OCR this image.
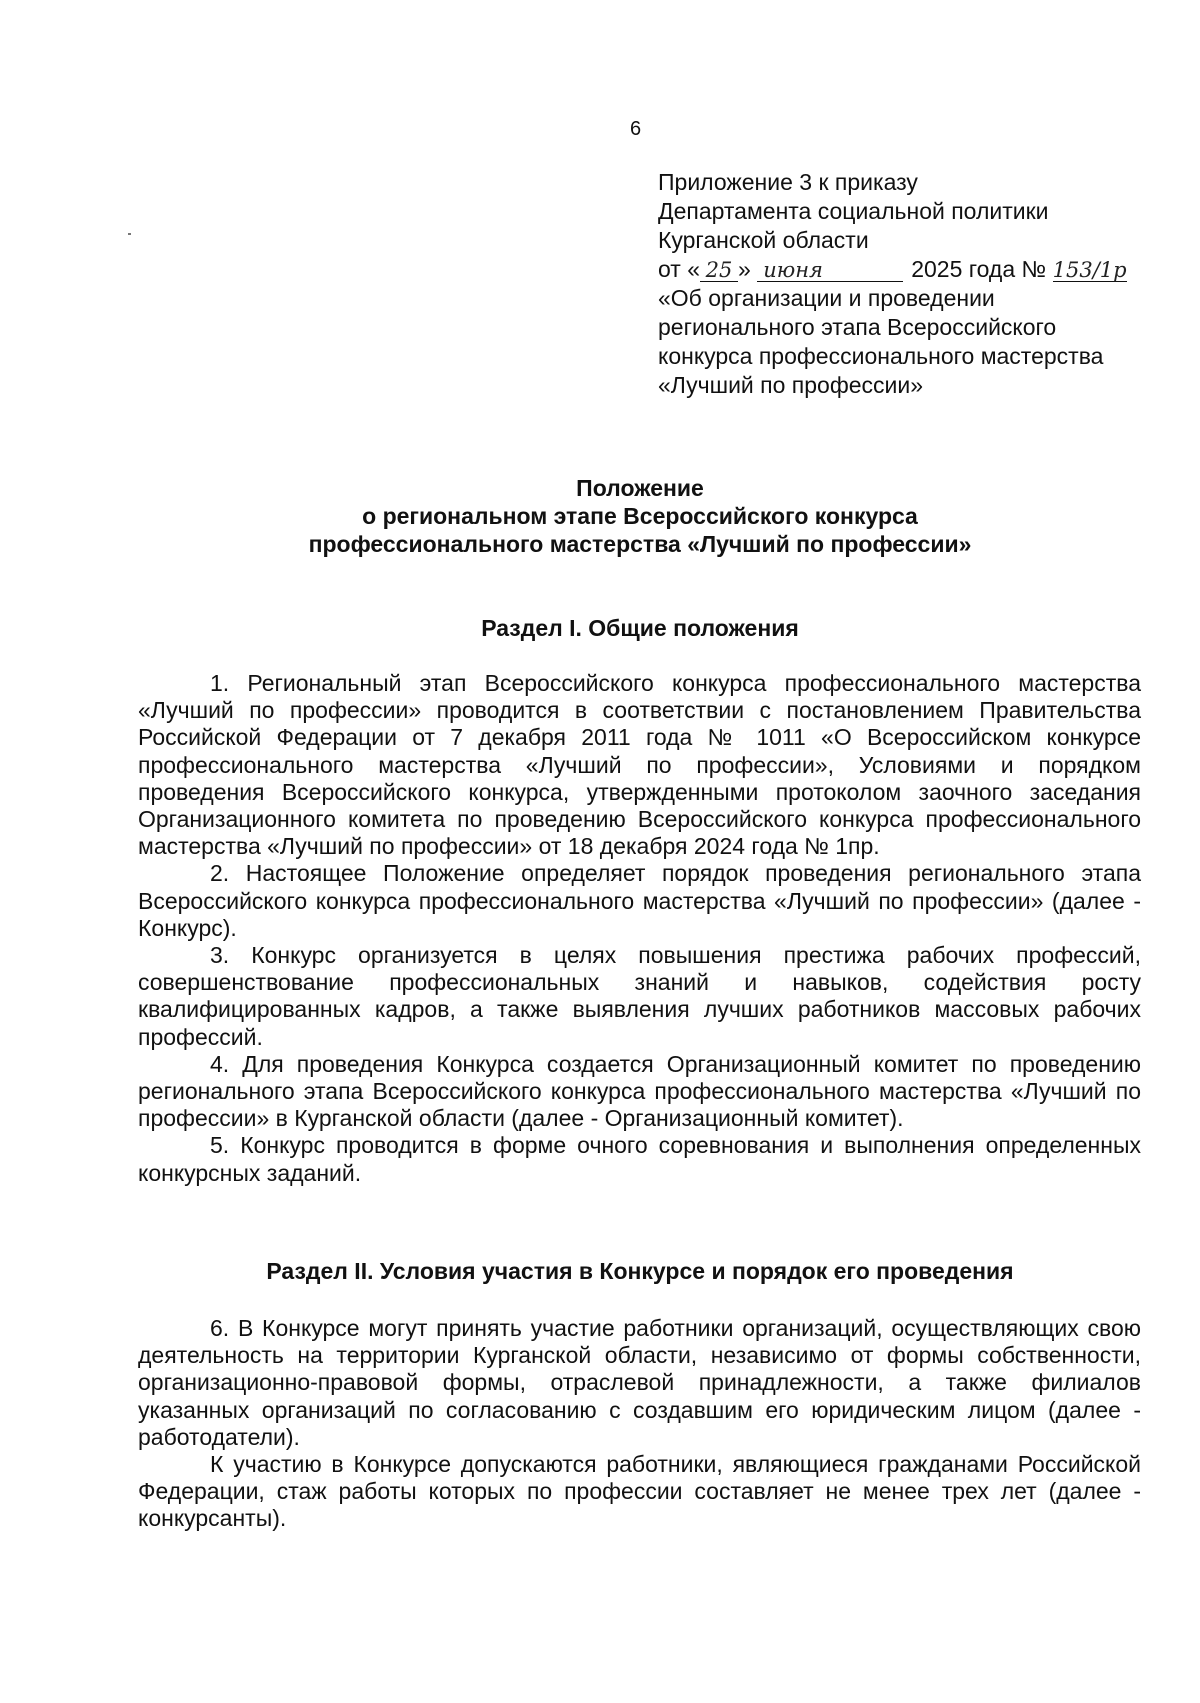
6
Приложение 3 к приказу
Департамента социальной политики
Курганской области
от « 25 » июня	2025 года № 153/1р
«Об организации и проведении
регионального этапа Всероссийского
конкурса профессионального мастерства
«Лучший по профессии»
Положение
о региональном этапе Всероссийского конкурса
профессионального мастерства «Лучший по профессии»
Раздел I. Общие положения

1. Региональный этап Всероссийского конкурса профессионального мастерства «Лучший по профессии» проводится в соответствии с постановлением Правительства Российской Федерации от 7 декабря 2011 года № 1011 «О Всероссийском конкурсе профессионального мастерства «Лучший по профессии», Условиями и порядком проведения Всероссийского конкурса, утвержденными протоколом заочного заседания Организационного комитета по проведению Всероссийского конкурса профессионального мастерства «Лучший по профессии» от 18 декабря 2024 года № 1пр.

2. Настоящее Положение определяет порядок проведения регионального этапа Всероссийского конкурса профессионального мастерства «Лучший по профессии» (далее - Конкурс).

3. Конкурс организуется в целях повышения престижа рабочих профессий, совершенствование профессиональных знаний и навыков, содействия росту квалифицированных кадров, а также выявления лучших работников массовых рабочих профессий.

4. Для проведения Конкурса создается Организационный комитет по проведению регионального этапа Всероссийского конкурса профессионального мастерства «Лучший по профессии» в Курганской области (далее - Организационный комитет).

5. Конкурс проводится в форме очного соревнования и выполнения определенных конкурсных заданий.

Раздел II. Условия участия в Конкурсе и порядок его проведения

6. В Конкурсе могут принять участие работники организаций, осуществляющих свою деятельность на территории Курганской области, независимо от формы собственности, организационно-правовой формы, отраслевой принадлежности, а также филиалов указанных организаций по согласованию с создавшим его юридическим лицом (далее - работодатели).

К участию в Конкурсе допускаются работники, являющиеся гражданами Российской Федерации, стаж работы которых по профессии составляет не менее трех лет (далее - конкурсанты).
